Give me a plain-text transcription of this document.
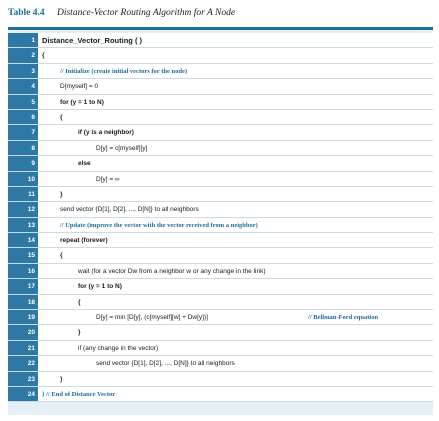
Table 4.4 Distance-Vector Routing Algorithm for A Node
1 Distance_Vector_Routing ( )
2	{
3	// Initialize (create initial vectors for the node)
4	D[myself] = 0
5	for (y = 1 to N)
6	{
7	if (y is a neighbor)
8	D[y] = c[myself][y]
9	else
10	D[y] = ∞
11	}
12	send vector {D[1], D[2], ..., D[N]} to all neighbors
13	// Update (improve the vector with the vector received from a neighbor)
14	repeat (forever)
15	{
16	wait (for a vector Dw from a neighbor w or any change in the link)
17	for (y = 1 to N)
18	{
19	D[y] = min [D[y], (c[myself][w] + Dw[y])]	// Bellman-Ford equation
20	}
21	if (any change in the vector)
22	send vector {D[1], D[2], ..., D[N]} to all neighbors
23	}
24	} // End of Distance Vector
